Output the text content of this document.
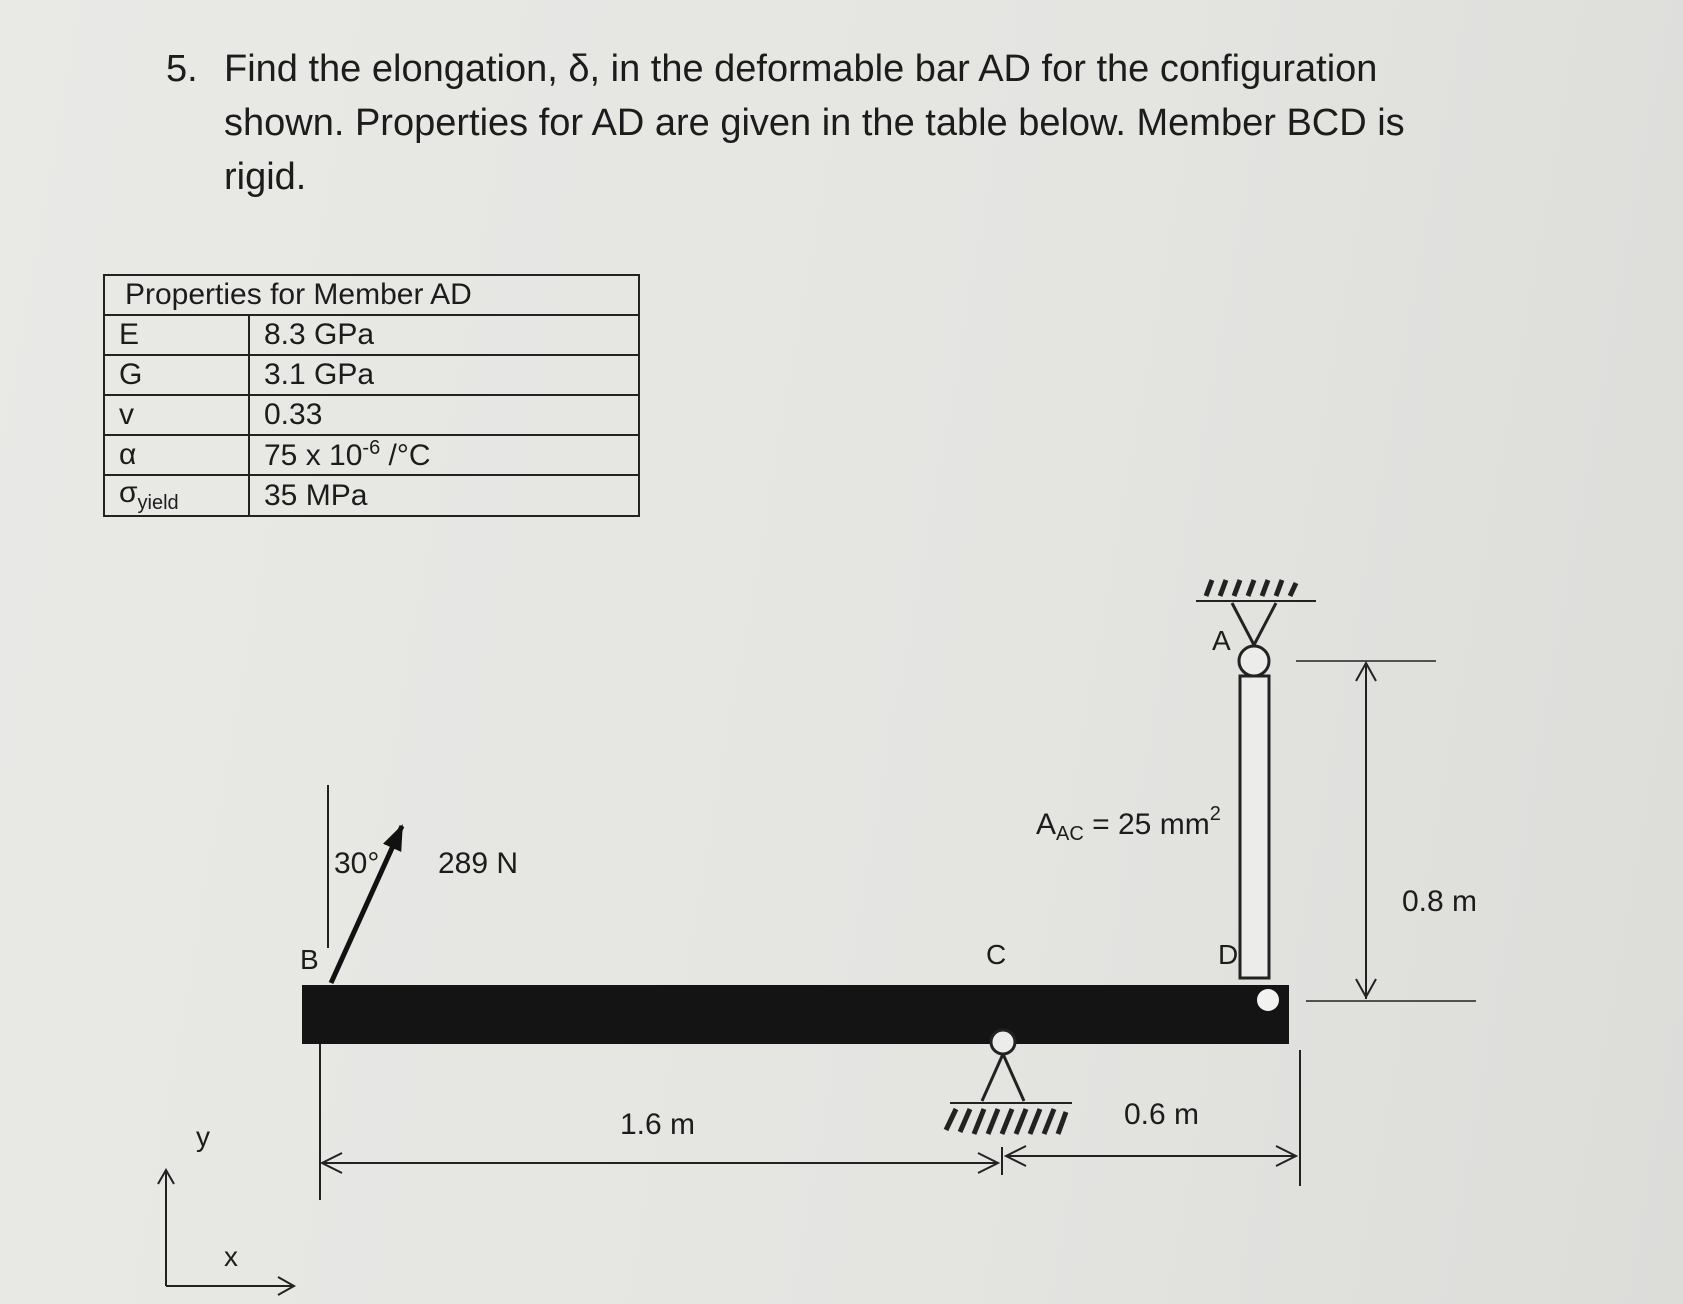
5. Find the elongation, δ, in the deformable bar AD for the configuration shown. Properties for AD are given in the table below. Member BCD is rigid.
Properties for Member AD	
E	8.3 GPa
G	3.1 GPa
v	0.33
α	75 x $10^{-6}$ /°C
$\sigma_{yield}$	35 MPa
A
B	C	D
30° 289 N
$A_{AC} = 25$ $mm^2$
0.8 m
1.6 m	0.6 m
y
x
